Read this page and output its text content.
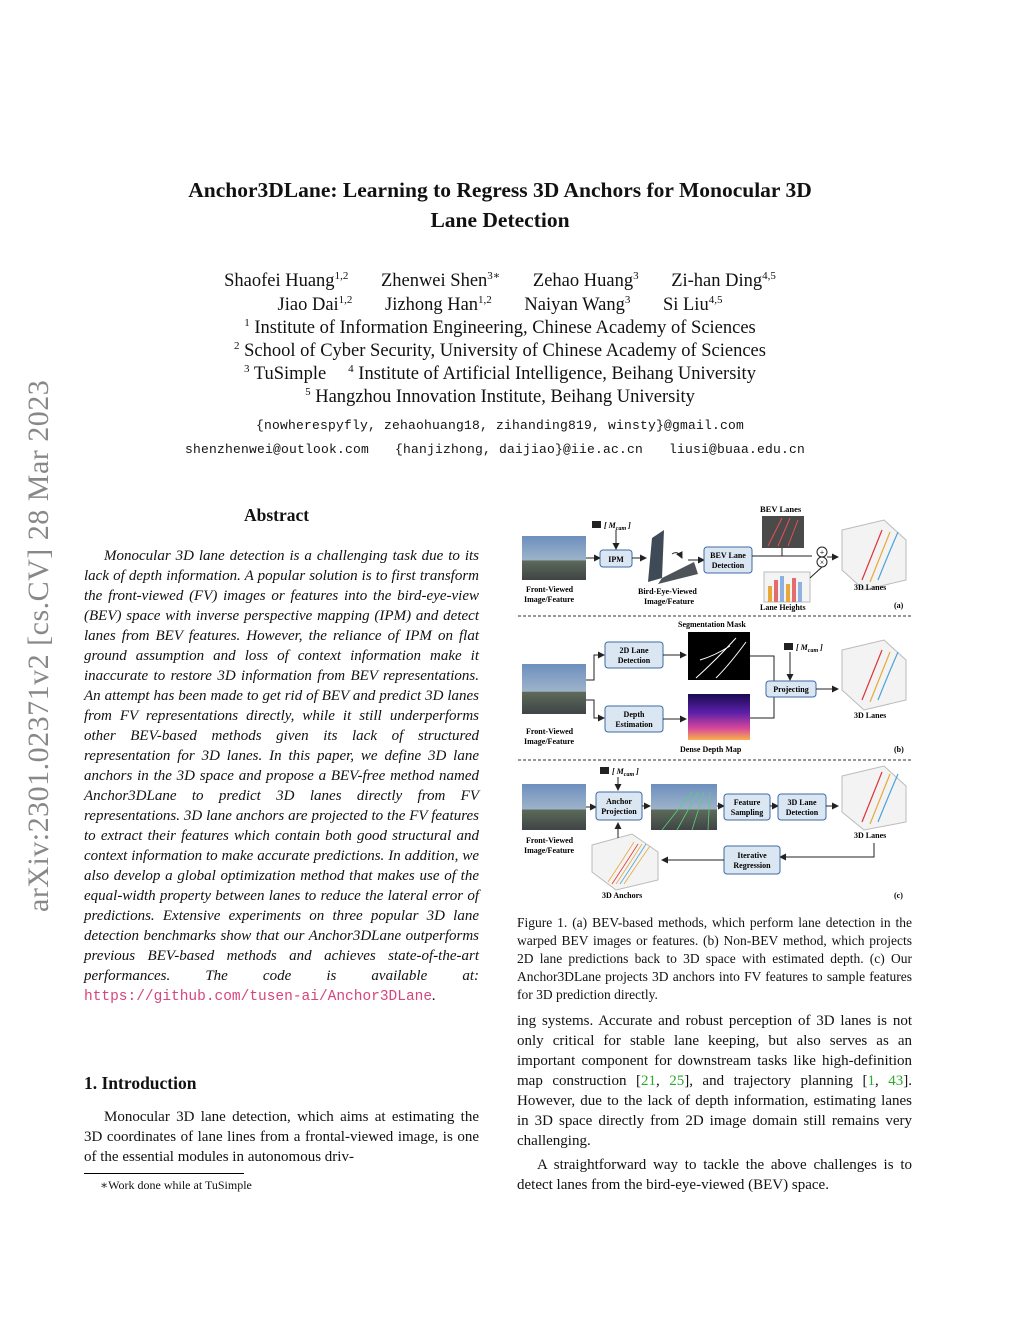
arXiv:2301.02371v2 [cs.CV] 28 Mar 2023
Anchor3DLane: Learning to Regress 3D Anchors for Monocular 3D
Lane Detection
Shaofei Huang$^{1,2}$ Zhenwei Shen$^{3∗}$ Zehao Huang$^3$ Zi-han Ding$^{4,5}$
Jiao Dai$^{1,2}$ Jizhong Han$^{1,2}$ Naiyan Wang$^3$ Si Liu$^{4,5}$
$^1$ Institute of Information Engineering, Chinese Academy of Sciences
$^2$ School of Cyber Security, University of Chinese Academy of Sciences
$^3$ TuSimple $^4$ Institute of Artificial Intelligence, Beihang University
$^5$ Hangzhou Innovation Institute, Beihang University
{nowherespyfly, zehaohuang18, zihanding819, winsty}@gmail.com
shenzhenwei@outlook.com {hanjizhong, daijiao}@iie.ac.cn liusi@buaa.edu.cn
Abstract
Monocular 3D lane detection is a challenging task due to its lack of depth information. A popular solution is to first transform the front-viewed (FV) images or features into the bird-eye-view (BEV) space with inverse perspective mapping (IPM) and detect lanes from BEV features. However, the reliance of IPM on flat ground assumption and loss of context information make it inaccurate to restore 3D information from BEV representations. An attempt has been made to get rid of BEV and predict 3D lanes from FV representations directly, while it still underperforms other BEV-based methods given its lack of structured representation for 3D lanes. In this paper, we define 3D lane anchors in the 3D space and propose a BEV-free method named Anchor3DLane to predict 3D lanes directly from FV representations. 3D lane anchors are projected to the FV features to extract their features which contain both good structural and context information to make accurate predictions. In addition, we also develop a global optimization method that makes use of the equal-width property between lanes to reduce the lateral error of predictions. Extensive experiments on three popular 3D lane detection benchmarks show that our Anchor3DLane outperforms previous BEV-based methods and achieves state-of-the-art performances. The code is available at: https://github.com/tusen-ai/Anchor3DLane.
1. Introduction
Monocular 3D lane detection, which aims at estimating the 3D coordinates of lane lines from a frontal-viewed image, is one of the essential modules in autonomous driv-
∗Work done while at TuSimple
BEV Lanes
[ $M_{cam}$ ]
Front-Viewed
Image/Feature
IPM
Bird-Eye-Viewed
Image/Feature
BEV Lane
Detection
+
×
Lane Heights
3D Lanes
(a)
Segmentation Mask
Front-Viewed
Image/Feature
2D Lane
Detection
Depth
Estimation
Dense Depth Map
[ $M_{cam}$ ]
Projecting
3D Lanes
(b)
[ $M_{cam}$ ]
Front-Viewed
Image/Feature
Anchor
Projection
Feature
Sampling
3D Lane
Detection
3D Lanes
Iterative
Regression
3D Anchors	(c)
Figure 1. (a) BEV-based methods, which perform lane detection in the warped BEV images or features. (b) Non-BEV method, which projects 2D lane predictions back to 3D space with estimated depth. (c) Our Anchor3DLane projects 3D anchors into FV features to sample features for 3D prediction directly.
ing systems. Accurate and robust perception of 3D lanes is not only critical for stable lane keeping, but also serves as an important component for downstream tasks like high-definition map construction [21, 25], and trajectory planning [1, 43]. However, due to the lack of depth information, estimating lanes in 3D space directly from 2D image domain still remains very challenging.
A straightforward way to tackle the above challenges is to detect lanes from the bird-eye-viewed (BEV) space.
